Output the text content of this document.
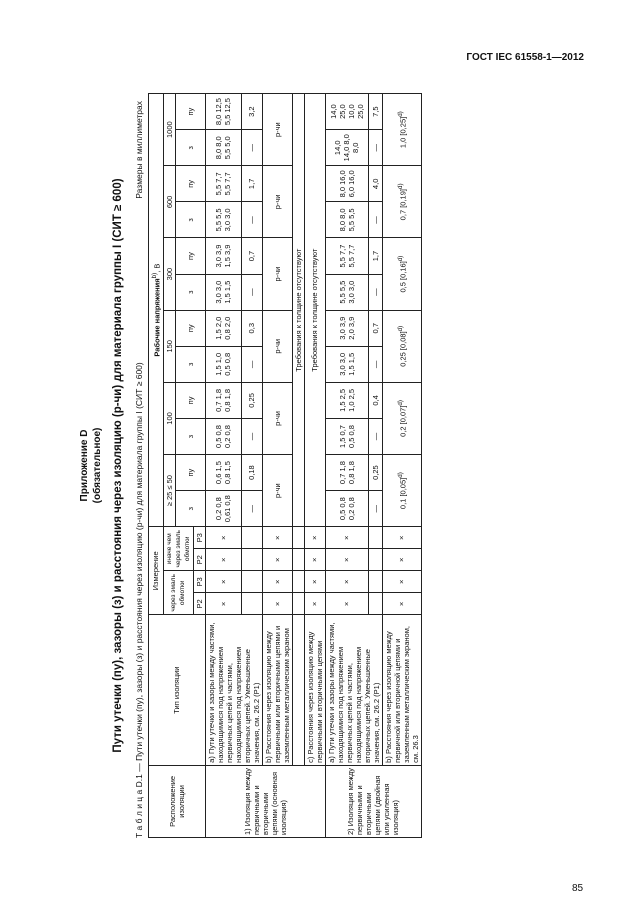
ГОСТ IEC 61558-1—2012
85
Приложение D (обязательное) Пути утечки (пу), зазоры (з) и расстояния через изоляцию (р-чи) для материала группы I (СИТ ≥ 600) Т а б л и ц а D.1 — Пути утечки (пу), зазоры (з) и расстояния через изоляцию (р-чи) для материала группы I (СИТ ≥ 600)	Расположение изоляции	Тип изоляции	Измерение				Рабочие напряжения$^{b)}$, В											
		через эмаль обмотки		иначе чем через эмаль обмотки		≥ 25 ≤ 50		100		150		300		600		1000	
						з	пу	з	пу	з	пу	з	пу	з	пу	з	пу
		P2	P3	P2	P3												
1) Изоляция между первичными и вторичными цепями (основная изоляция)	a) Пути утечки и зазоры между частями, находящимися под напряжением первичных цепей и частями, находящимися под напряжением вторичных цепей. Уменьшенные значения, см. 26.2 (P1)	×	×	×	×	0,2 0,8 0,61 0,8	0,6 1,5 0,8 1,5	0,5 0,8 0,2 0,8	0,7 1,8 0,8 1,8	1,5 1,0 0,5 0,8	1,5 2,0 0,8 2,0	3,0 3,0 1,5 1,5	3,0 3,9 1,5 3,9	5,5 5,5 3,0 3,0	5,5 7,7 5,5 7,7	8,0 8,0 5,5 5,0	8,0 12,5 5,5 12,5
						—	0,18	—	0,25	—	0,3	—	0,7	—	1,7	—	3,2
	b) Расстояния через изоляцию между первичными или вторичными цепями и заземленным металлическим экраном	×	×	×	×	р-чи		р-чи		р-чи		р-чи		р-чи		р-чи	
						Требования к толщине отсутствуют											
	c) Расстояния через изоляцию между первичными и вторичными цепями	×	×	×	×	Требования к толщине отсутствуют											
2) Изоляция между первичными и вторичными цепями (двойная или усиленная изоляция)	a) Пути утечки и зазоры между частями, находящимися под напряжением первичных цепей и частями, находящимися под напряжением вторичных цепей. Уменьшенные значения, см. 26.2 (P1)	×	×	×	×	0,5 0,8 0,2 0,8	0,7 1,8 0,8 1,8	1,5 0,7 0,5 0,8	1,5 2,5 1,0 2,5	3,0 3,0 1,5 1,5	3,0 3,9 2,0 3,9	5,5 5,5 3,0 3,0	5,5 7,7 5,5 7,7	8,0 8,0 5,5 5,5	8,0 16,0 6,0 16,0	14,0 14,0 8,0 8,0	14,0 25,0 10,0 25,0
						—	0,25	—	0,4	—	0,7	—	1,7	—	4,0	—	7,5
	b) Расстояния через изоляцию между первичной или вторичной цепями и заземленным металлическим экраном, см. 26.3	×	×	×	×	0,1 $[0,05]^{d)}$		0,2 $[0,07]^{d)}$		0,25 $[0,08]^{d)}$		0,5 $[0,16]^{d)}$		0,7 $[0,19]^{d)}$		1,0 $[0,25]^{d)}$
Размеры в миллиметрах
